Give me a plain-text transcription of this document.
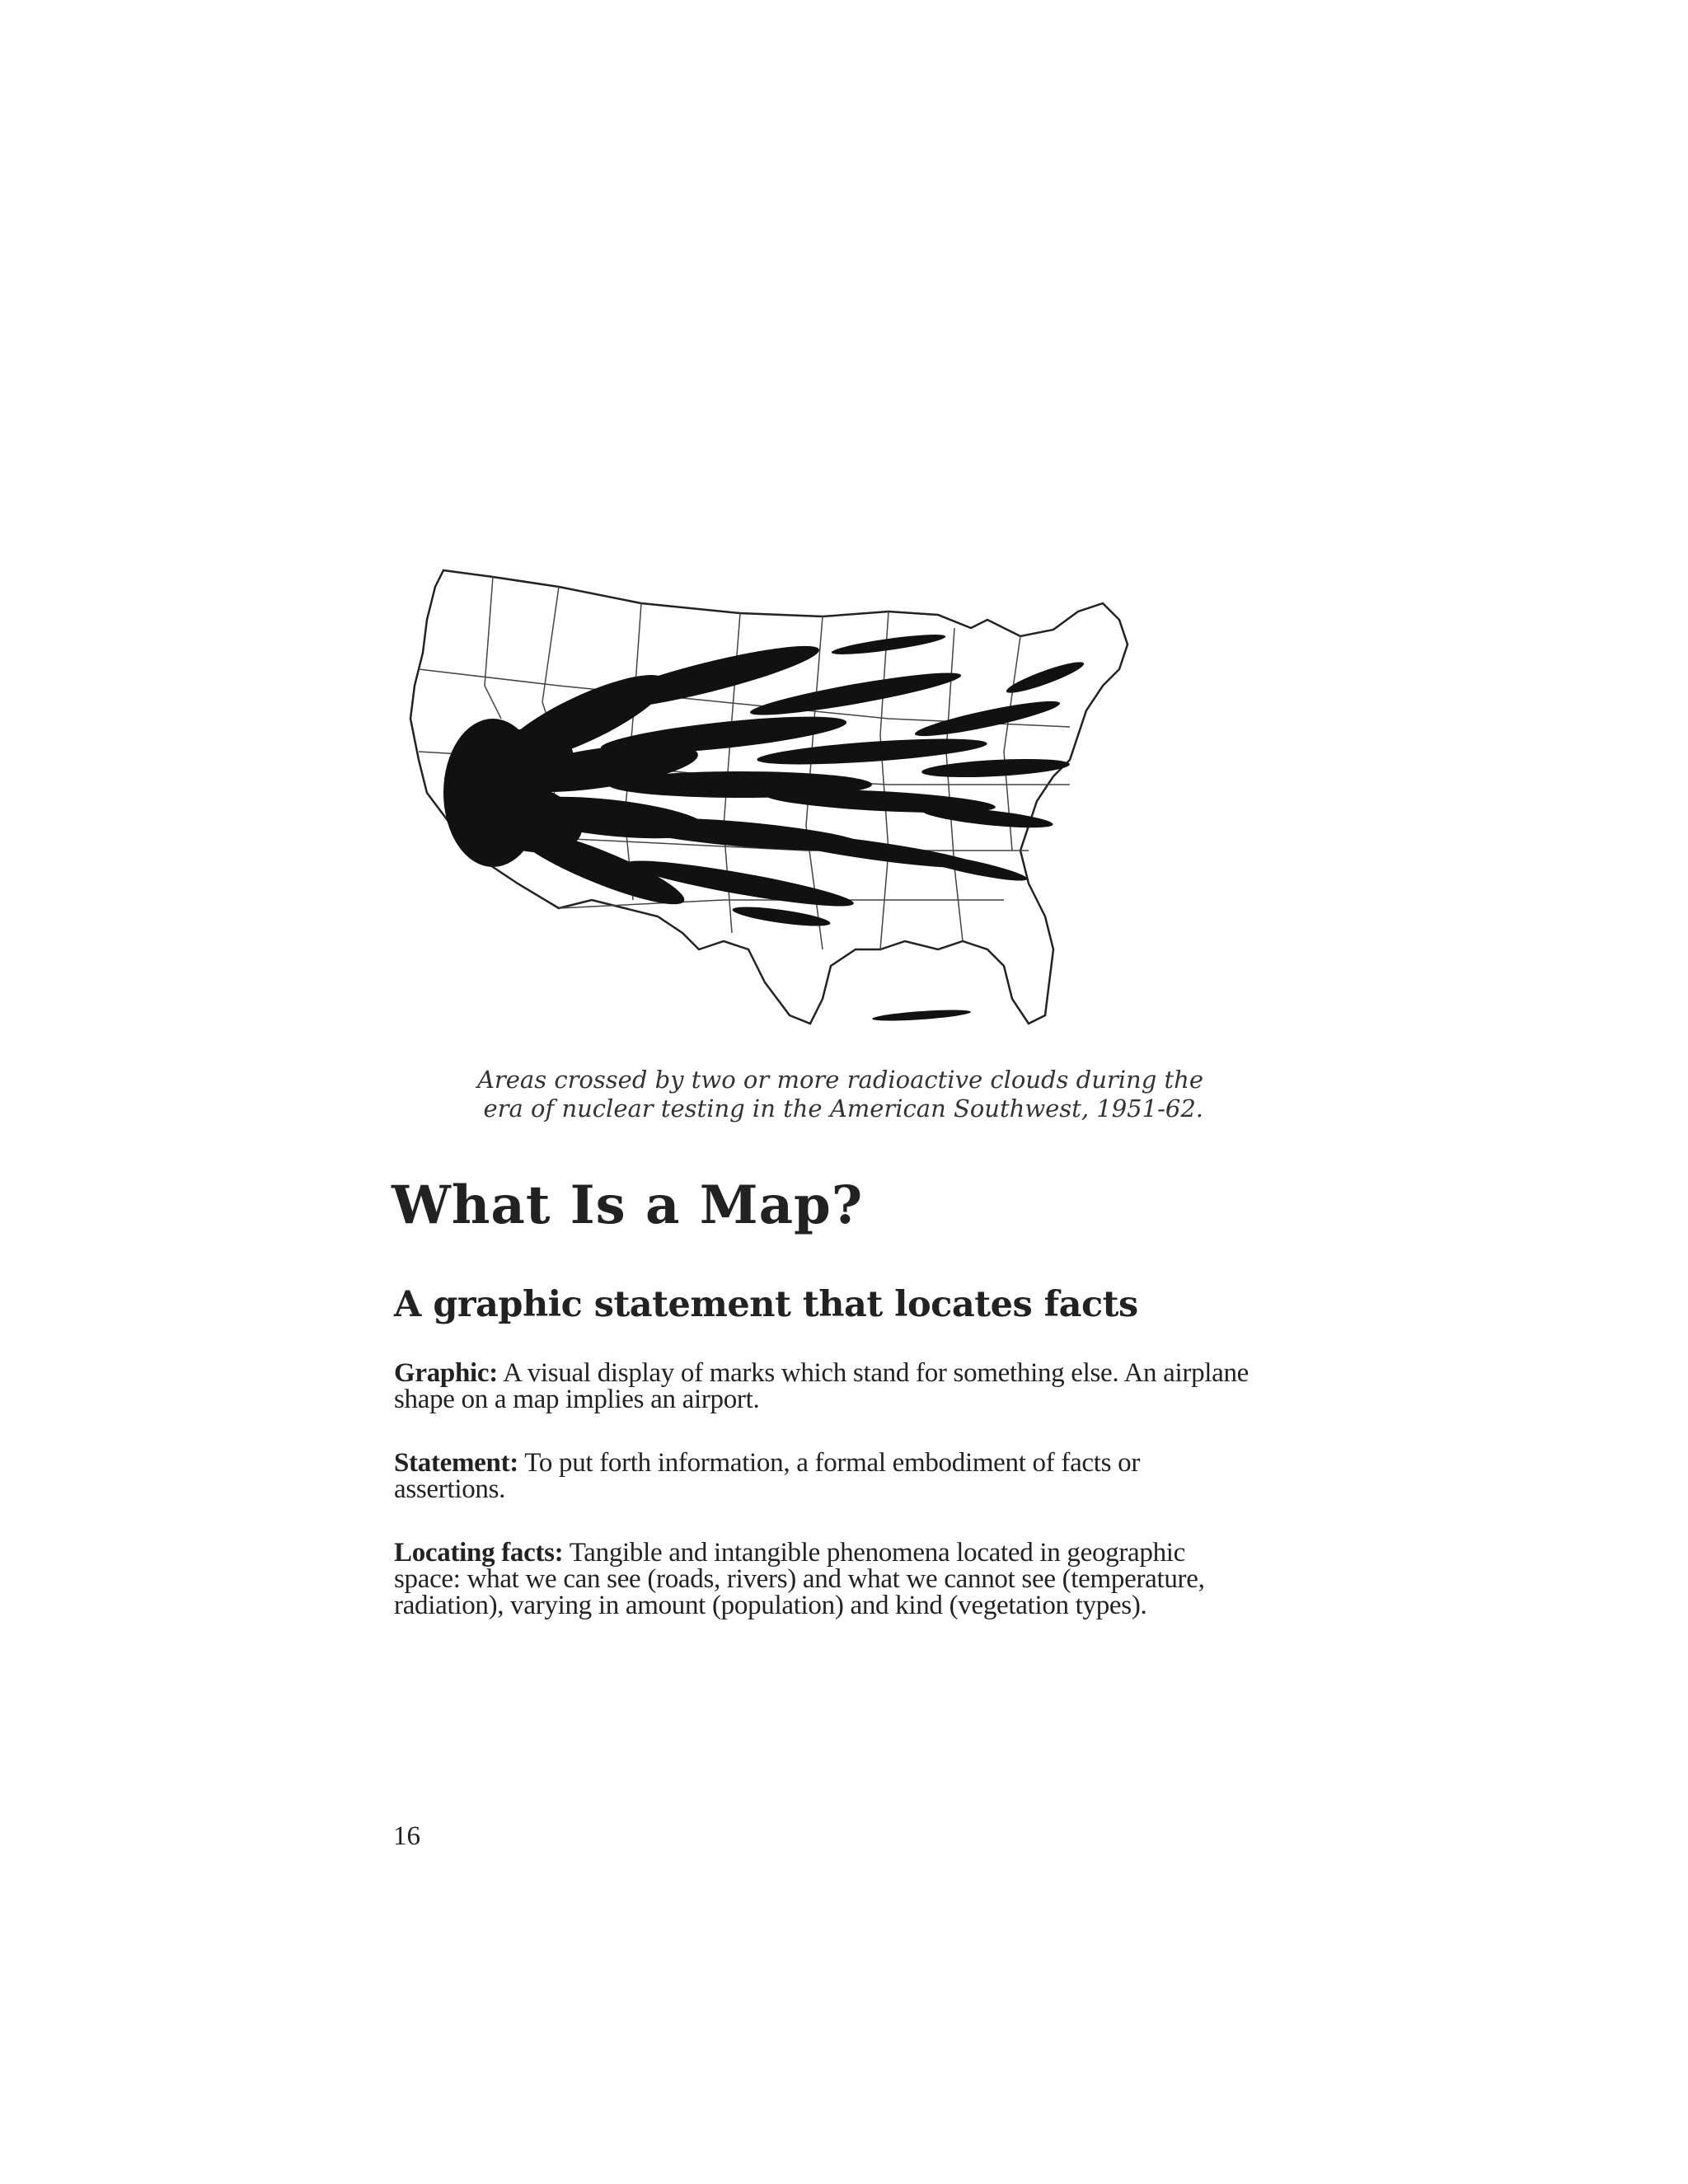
Areas crossed by two or more radioactive clouds during the
era of nuclear testing in the American Southwest, 1951-62.
What Is a Map?
A graphic statement that locates facts

Graphic: A visual display of marks which stand for something else. An airplane shape on a map implies an airport.

Statement: To put forth information, a formal embodiment of facts or assertions.

Locating facts: Tangible and intangible phenomena located in geographic space: what we can see (roads, rivers) and what we cannot see (temperature, radiation), varying in amount (population) and kind (vegetation types).

16
